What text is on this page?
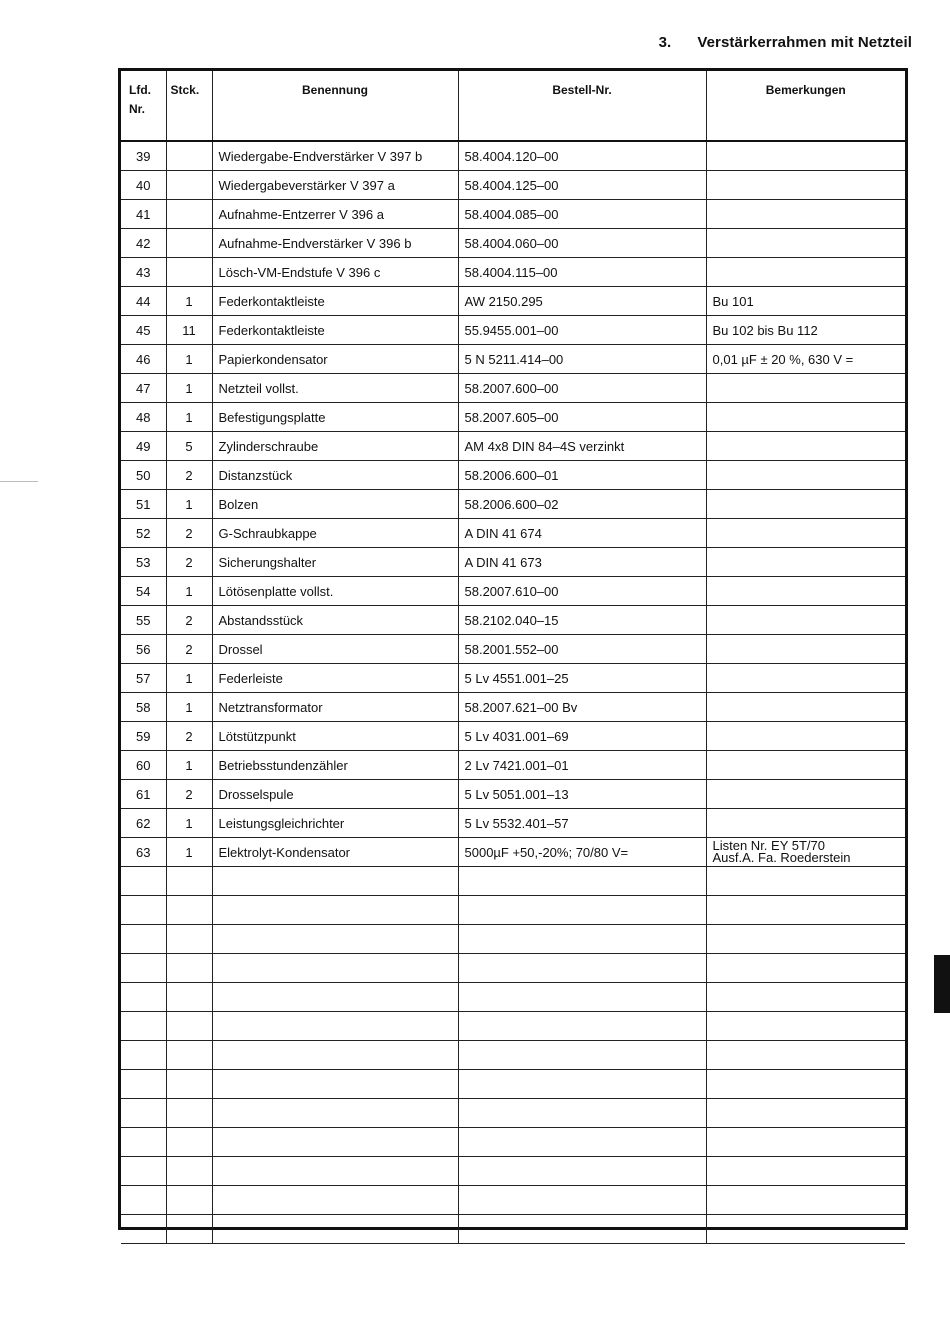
3. Verstärkerrahmen mit Netzteil
Lfd.
Nr.	Stck.	Benennung	Bestell-Nr.	Bemerkungen
39		Wiedergabe-Endverstärker V 397 b	58.4004.120–00	
40		Wiedergabeverstärker V 397 a	58.4004.125–00	
41		Aufnahme-Entzerrer V 396 a	58.4004.085–00	
42		Aufnahme-Endverstärker V 396 b	58.4004.060–00	
43		Lösch-VM-Endstufe V 396 c	58.4004.115–00	
44	1	Federkontaktleiste	AW 2150.295	Bu 101
45	11	Federkontaktleiste	55.9455.001–00	Bu 102 bis Bu 112
46	1	Papierkondensator	5 N 5211.414–00	0,01 µF ± 20 %, 630 V =
47	1	Netzteil vollst.	58.2007.600–00	
48	1	Befestigungsplatte	58.2007.605–00	
49	5	Zylinderschraube	AM 4x8 DIN 84–4S verzinkt	
50	2	Distanzstück	58.2006.600–01	
51	1	Bolzen	58.2006.600–02	
52	2	G-Schraubkappe	A DIN 41 674	
53	2	Sicherungshalter	A DIN 41 673	
54	1	Lötösenplatte vollst.	58.2007.610–00	
55	2	Abstandsstück	58.2102.040–15	
56	2	Drossel	58.2001.552–00	
57	1	Federleiste	5 Lv 4551.001–25	
58	1	Netztransformator	58.2007.621–00 Bv	
59	2	Lötstützpunkt	5 Lv 4031.001–69	
60	1	Betriebsstundenzähler	2 Lv 7421.001–01	
61	2	Drosselspule	5 Lv 5051.001–13	
62	1	Leistungsgleichrichter	5 Lv 5532.401–57	
63	1	Elektrolyt-Kondensator	5000µF +50,-20%; 70/80 V=	Listen Nr. EY 5T/70
Ausf.A. Fa. Roederstein
